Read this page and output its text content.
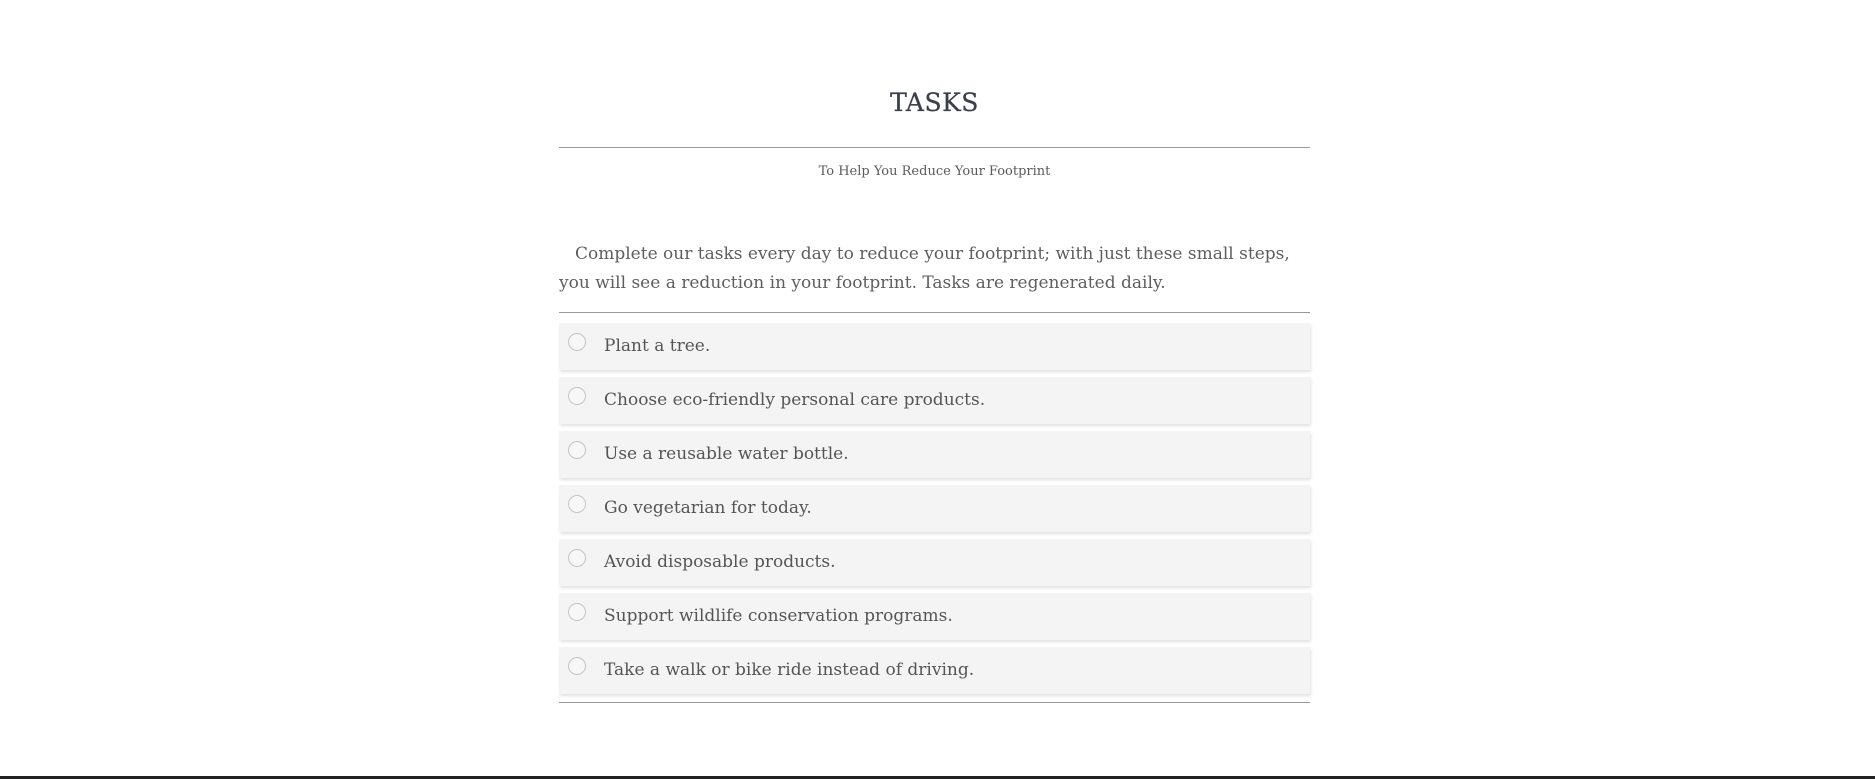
TASKS
To Help You Reduce Your Footprint

Complete our tasks every day to reduce your footprint; with just these small steps, you will see a reduction in your footprint. Tasks are regenerated daily.

Plant a tree.
Choose eco-friendly personal care products.
Use a reusable water bottle.
Go vegetarian for today.
Avoid disposable products.
Support wildlife conservation programs.
Take a walk or bike ride instead of driving.
